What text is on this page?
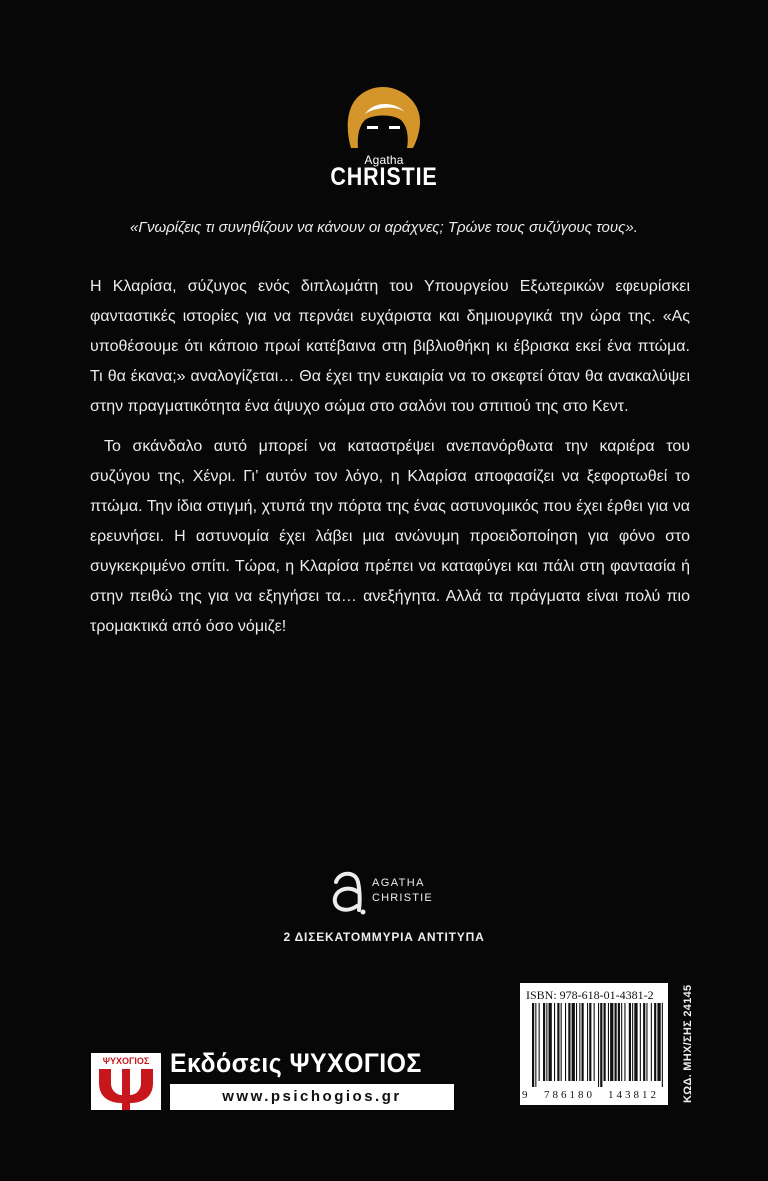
Agatha
CHRISTIE
«Γνωρίζεις τι συνηθίζουν να κάνουν οι αράχνες; Τρώνε τους συζύγους τους».

Η Κλαρίσα, σύζυγος ενός διπλωμάτη του Υπουργείου Εξωτερικών εφευρίσκει φανταστικές ιστορίες για να περνάει ευχάριστα και δημιουργικά την ώρα της. «Ας υποθέσουμε ότι κάποιο πρωί κατέβαινα στη βιβλιοθήκη κι έβρισκα εκεί ένα πτώμα. Τι θα έκανα;» αναλογίζεται… Θα έχει την ευκαιρία να το σκεφτεί όταν θα ανακαλύψει στην πραγματικότητα ένα άψυχο σώμα στο σαλόνι του σπιτιού της στο Κεντ.

Το σκάνδαλο αυτό μπορεί να καταστρέψει ανεπανόρθωτα την καριέρα του συζύγου της, Χένρι. Γι’ αυτόν τον λόγο, η Κλαρίσα αποφασίζει να ξεφορτωθεί το πτώμα. Την ίδια στιγμή, χτυπά την πόρτα της ένας αστυνομικός που έχει έρθει για να ερευνήσει. Η αστυνομία έχει λάβει μια ανώνυμη προειδοποίηση για φόνο στο συγκεκριμένο σπίτι. Τώρα, η Κλαρίσα πρέπει να καταφύγει και πάλι στη φαντασία ή στην πειθώ της για να εξηγήσει τα… ανεξήγητα. Αλλά τα πράγματα είναι πολύ πιο τρομακτικά από όσο νόμιζε!

AGATHA
CHRISTIE
2 ΔΙΣΕΚΑΤΟΜΜΥΡΙΑ ΑΝΤΙΤΥΠΑ
ΨΥΧΟΓΙΟΣ Εκδόσεις ΨΥΧΟΓΙΟΣ
www.psichogios.gr
ISBN: 978-618-01-4381-2
9 786180 143812 ΚΩΔ. ΜΗΧ/ΣΗΣ 24145
